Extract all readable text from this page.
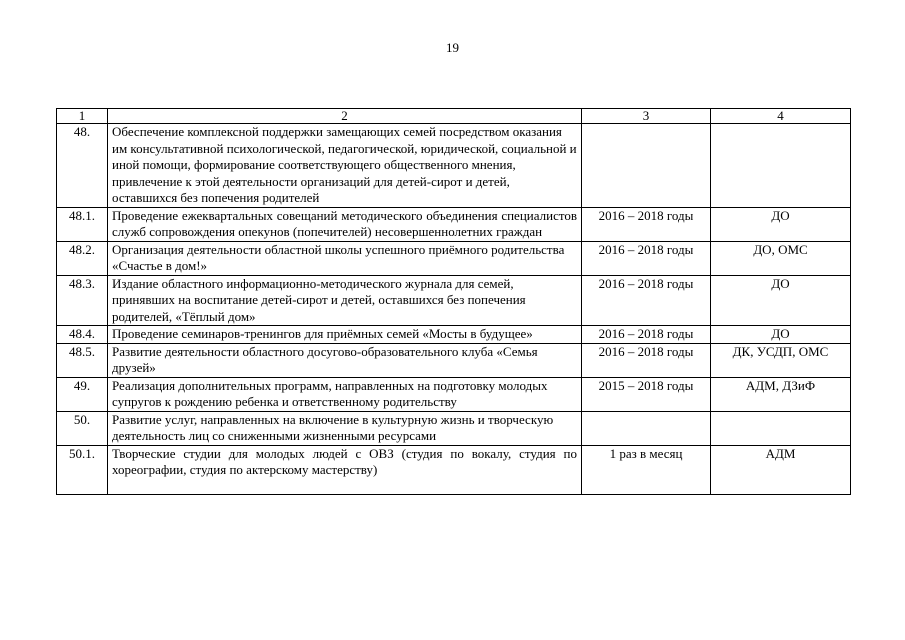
19
1	2	3	4
48.	Обеспечение комплексной поддержки замещающих семей посредством оказания им консультативной психологической, педагогической, юридической, социальной и иной помощи, формирование соответствующего общественного мнения, привлечение к этой деятельности организаций для детей-сирот и детей, оставшихся без попечения родителей		
48.1.	Проведение ежеквартальных совещаний методического объединения специалистов служб сопровождения опекунов (попечителей) несовершеннолетних граждан	2016 – 2018 годы	ДО
48.2.	Организация деятельности областной школы успешного приёмного родительства «Счастье в дом!»	2016 – 2018 годы	ДО, ОМС
48.3.	Издание областного информационно-методического журнала для семей, принявших на воспитание детей-сирот и детей, оставшихся без попечения родителей, «Тёплый дом»	2016 – 2018 годы	ДО
48.4.	Проведение семинаров-тренингов для приёмных семей «Мосты в будущее»	2016 – 2018 годы	ДО
48.5.	Развитие деятельности областного досугово-образовательного клуба «Семья друзей»	2016 – 2018 годы	ДК, УСДП, ОМС
49.	Реализация дополнительных программ, направленных на подготовку молодых супругов к рождению ребенка и ответственному родительству	2015 – 2018 годы	АДМ, ДЗиФ
50.	Развитие услуг, направленных на включение в культурную жизнь и творческую деятельность лиц со сниженными жизненными ресурсами		
50.1.	Творческие студии для молодых людей с ОВЗ (студия по вокалу, студия по хореографии, студия по актерскому мастерству)	1 раз в месяц	АДМ
